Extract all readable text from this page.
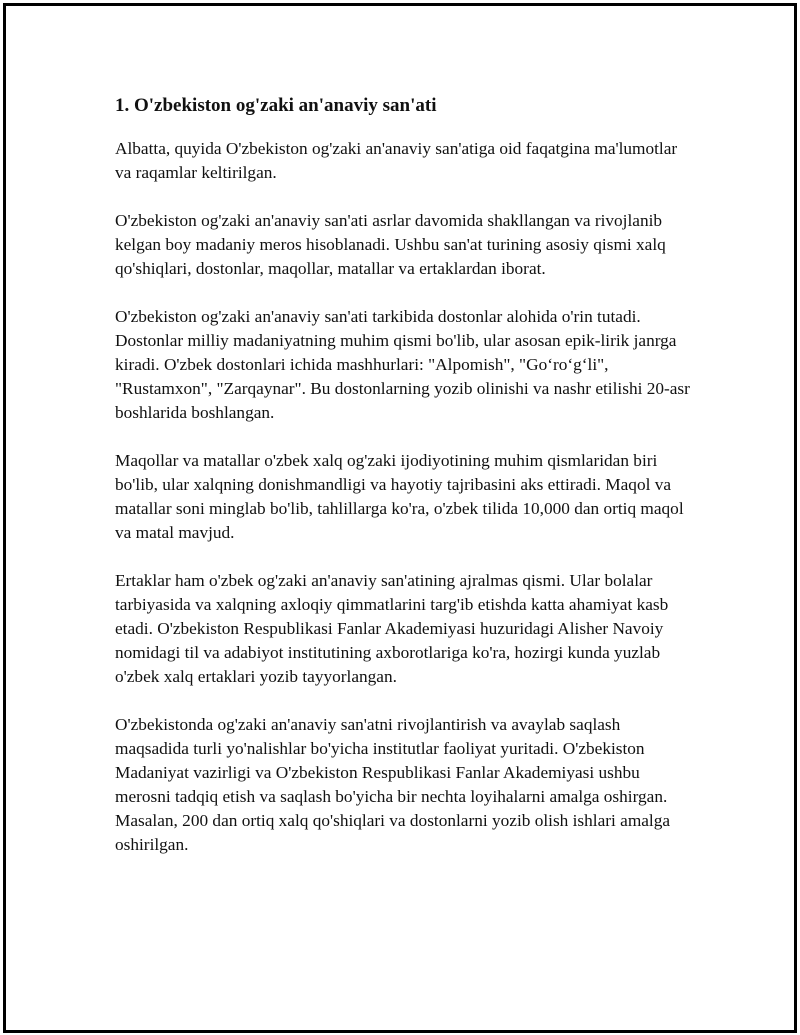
1. O'zbekiston og'zaki an'anaviy san'ati

Albatta, quyida O'zbekiston og'zaki an'anaviy san'atiga oid faqatgina ma'lumotlar va raqamlar keltirilgan.

O'zbekiston og'zaki an'anaviy san'ati asrlar davomida shakllangan va rivojlanib kelgan boy madaniy meros hisoblanadi. Ushbu san'at turining asosiy qismi xalq qo'shiqlari, dostonlar, maqollar, matallar va ertaklardan iborat.

O'zbekiston og'zaki an'anaviy san'ati tarkibida dostonlar alohida o'rin tutadi. Dostonlar milliy madaniyatning muhim qismi bo'lib, ular asosan epik-lirik janrga kiradi. O'zbek dostonlari ichida mashhurlari: "Alpomish", "Go‘ro‘g‘li", "Rustamxon", "Zarqaynar". Bu dostonlarning yozib olinishi va nashr etilishi 20-asr boshlarida boshlangan.

Maqollar va matallar o'zbek xalq og'zaki ijodiyotining muhim qismlaridan biri bo'lib, ular xalqning donishmandligi va hayotiy tajribasini aks ettiradi. Maqol va matallar soni minglab bo'lib, tahlillarga ko'ra, o'zbek tilida 10,000 dan ortiq maqol va matal mavjud.

Ertaklar ham o'zbek og'zaki an'anaviy san'atining ajralmas qismi. Ular bolalar tarbiyasida va xalqning axloqiy qimmatlarini targ'ib etishda katta ahamiyat kasb etadi. O'zbekiston Respublikasi Fanlar Akademiyasi huzuridagi Alisher Navoiy nomidagi til va adabiyot institutining axborotlariga ko'ra, hozirgi kunda yuzlab o'zbek xalq ertaklari yozib tayyorlangan.

O'zbekistonda og'zaki an'anaviy san'atni rivojlantirish va avaylab saqlash maqsadida turli yo'nalishlar bo'yicha institutlar faoliyat yuritadi. O'zbekiston Madaniyat vazirligi va O'zbekiston Respublikasi Fanlar Akademiyasi ushbu merosni tadqiq etish va saqlash bo'yicha bir nechta loyihalarni amalga oshirgan. Masalan, 200 dan ortiq xalq qo'shiqlari va dostonlarni yozib olish ishlari amalga oshirilgan.
